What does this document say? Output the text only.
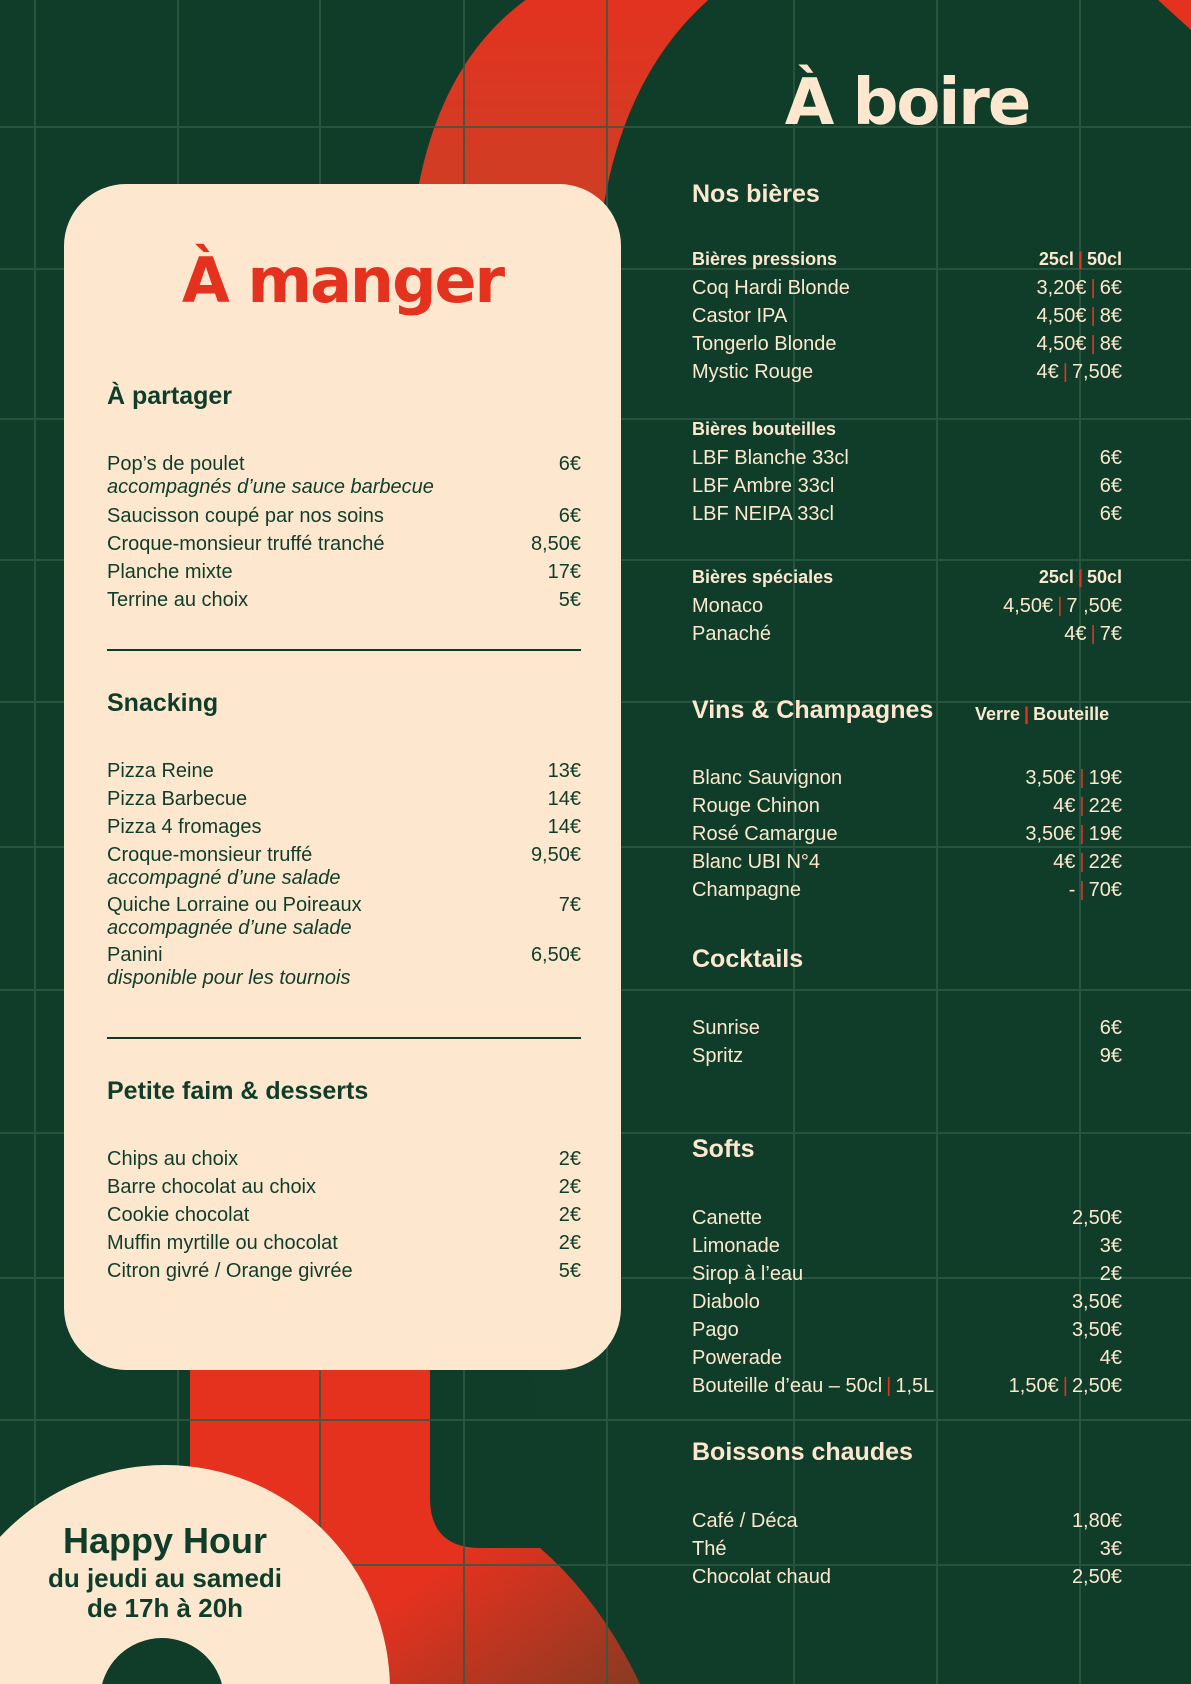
À manger
À partager
Pop’s de poulet	6€
accompagnés d’une sauce barbecue
Saucisson coupé par nos soins	6€
Croque-monsieur truffé tranché	8,50€
Planche mixte	17€
Terrine au choix	5€
Snacking
Pizza Reine	13€
Pizza Barbecue	14€
Pizza 4 fromages	14€
Croque-monsieur truffé	9,50€
accompagné d’une salade
Quiche Lorraine ou Poireaux	7€
accompagnée d’une salade
Panini	6,50€
disponible pour les tournois
Petite faim & desserts
Chips au choix	2€
Barre chocolat au choix	2€
Cookie chocolat	2€
Muffin myrtille ou chocolat	2€
Citron givré / Orange givrée	5€
À boire
Nos bières
Bières pressions	25cl | 50cl
Coq Hardi Blonde	3,20€ | 6€
Castor IPA	4,50€ | 8€
Tongerlo Blonde	4,50€ | 8€
Mystic Rouge	4€ | 7,50€
Bières bouteilles
LBF Blanche 33cl	6€
LBF Ambre 33cl	6€
LBF NEIPA 33cl	6€
Bières spéciales	25cl | 50cl
Monaco	4,50€ | 7 ,50€
Panaché	4€ | 7€
Vins & Champagnes Verre | Bouteille
Blanc Sauvignon	3,50€ | 19€
Rouge Chinon	4€ | 22€
Rosé Camargue	3,50€ | 19€
Blanc UBI N°4	4€ | 22€
Champagne	- | 70€
Cocktails
Sunrise	6€
Spritz	9€
Softs
Canette	2,50€
Limonade	3€
Sirop à l’eau	2€
Diabolo	3,50€
Pago	3,50€
Powerade	4€
Bouteille d’eau – 50cl | 1,5L	1,50€ | 2,50€
Boissons chaudes
Café / Déca	1,80€
Thé	3€
Chocolat chaud	2,50€
Happy Hour
du jeudi au samedi
de 17h à 20h
